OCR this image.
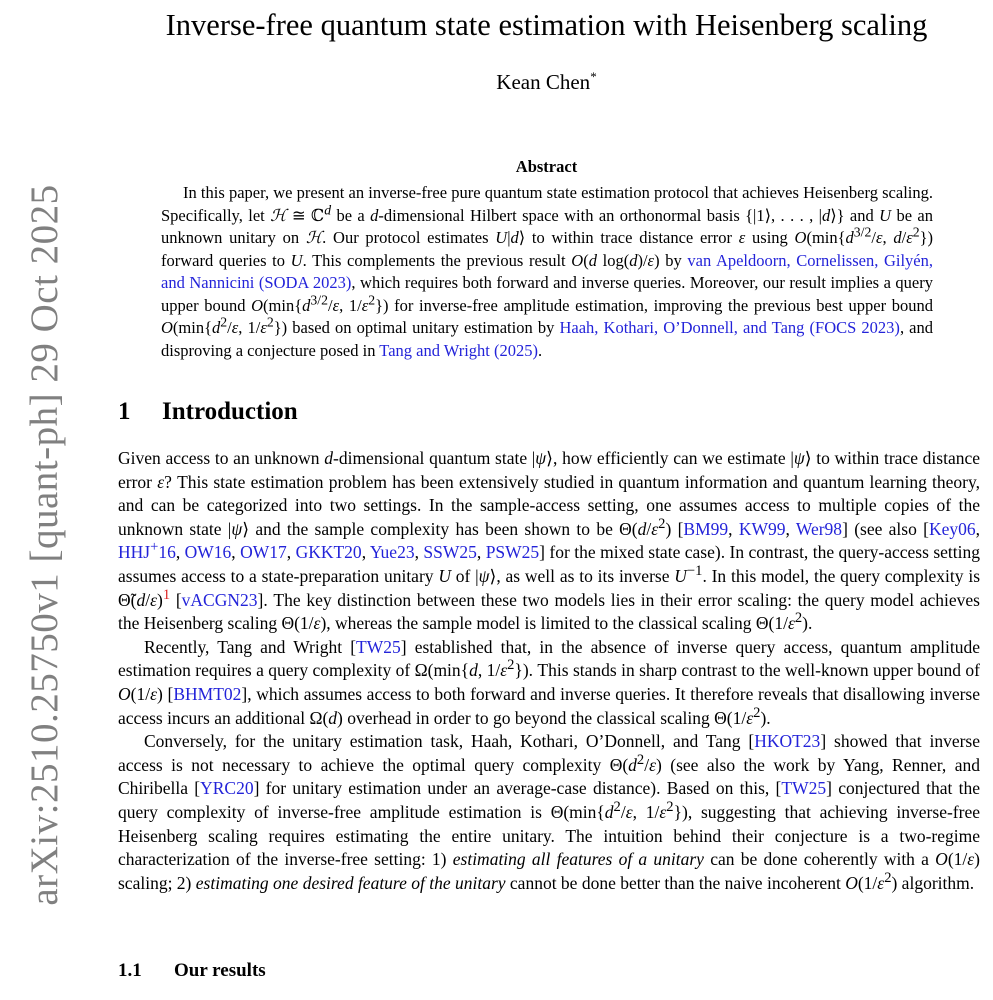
arXiv:2510.25750v1 [quant-ph] 29 Oct 2025
Inverse-free quantum state estimation with Heisenberg scaling
Kean Chen*
Abstract
In this paper, we present an inverse-free pure quantum state estimation protocol that achieves Heisenberg scaling. Specifically, let ℋ ≅ ℂ$^d$ be a d-dimensional Hilbert space with an orthonormal basis {|1⟩, . . . , |d⟩} and U be an unknown unitary on ℋ. Our protocol estimates U|d⟩ to within trace distance error ε using $O(\min\{d^{3/2}/\varepsilon$, $d/\varepsilon^2$}) forward queries to U. This complements the previous result O(d log(d)/ε) by van Apeldoorn, Cornelissen, Gilyén, and Nannicini (SODA 2023), which requires both forward and inverse queries. Moreover, our result implies a query upper bound $O(\min\{d^{3/2}/\varepsilon$, $1/\varepsilon^2$}) for inverse-free amplitude estimation, improving the previous best upper bound $O(\min\{d^2/\varepsilon$, $1/\varepsilon^2$}) based on optimal unitary estimation by Haah, Kothari, O’Donnell, and Tang (FOCS 2023), and disproving a conjecture posed in Tang and Wright (2025).
1 Introduction

Given access to an unknown d-dimensional quantum state |ψ⟩, how efficiently can we estimate |ψ⟩ to within trace distance error ε? This state estimation problem has been extensively studied in quantum information and quantum learning theory, and can be categorized into two settings. In the sample-access setting, one assumes access to multiple copies of the unknown state |ψ⟩ and the sample complexity has been shown to be $\Theta(d/\varepsilon^2)$ [BM99, KW99, Wer98] (see also [Key06, HHJ+16, OW16, OW17, GKKT20, Yue23, SSW25, PSW25] for the mixed state case). In contrast, the query-access setting assumes access to a state-preparation unitary U of |ψ⟩, as well as to its inverse $U^{-1}$. In this model, the query complexity is Θ̃(d/ε)$^1$ [vACGN23]. The key distinction between these two models lies in their error scaling: the query model achieves the Heisenberg scaling Θ(1/ε), whereas the sample model is limited to the classical scaling $\Theta(1/\varepsilon^2)$.

Recently, Tang and Wright [TW25] established that, in the absence of inverse query access, quantum amplitude estimation requires a query complexity of Ω(min{d, $1/\varepsilon^2$}). This stands in sharp contrast to the well-known upper bound of O(1/ε) [BHMT02], which assumes access to both forward and inverse queries. It therefore reveals that disallowing inverse access incurs an additional Ω(d) overhead in order to go beyond the classical scaling $\Theta(1/\varepsilon^2)$.

Conversely, for the unitary estimation task, Haah, Kothari, O’Donnell, and Tang [HKOT23] showed that inverse access is not necessary to achieve the optimal query complexity $\Theta(d^2/\varepsilon)$ (see also the work by Yang, Renner, and Chiribella [YRC20] for unitary estimation under an average-case distance). Based on this, [TW25] conjectured that the query complexity of inverse-free amplitude estimation is $\Theta(\min\{d^2/\varepsilon$, $1/\varepsilon^2$}), suggesting that achieving inverse-free Heisenberg scaling requires estimating the entire unitary. The intuition behind their conjecture is a two-regime characterization of the inverse-free setting: 1) estimating all features of a unitary can be done coherently with a O(1/ε) scaling; 2) estimating one desired feature of the unitary cannot be done better than the naive incoherent $O(1/\varepsilon^2)$ algorithm.

1.1 Our results
